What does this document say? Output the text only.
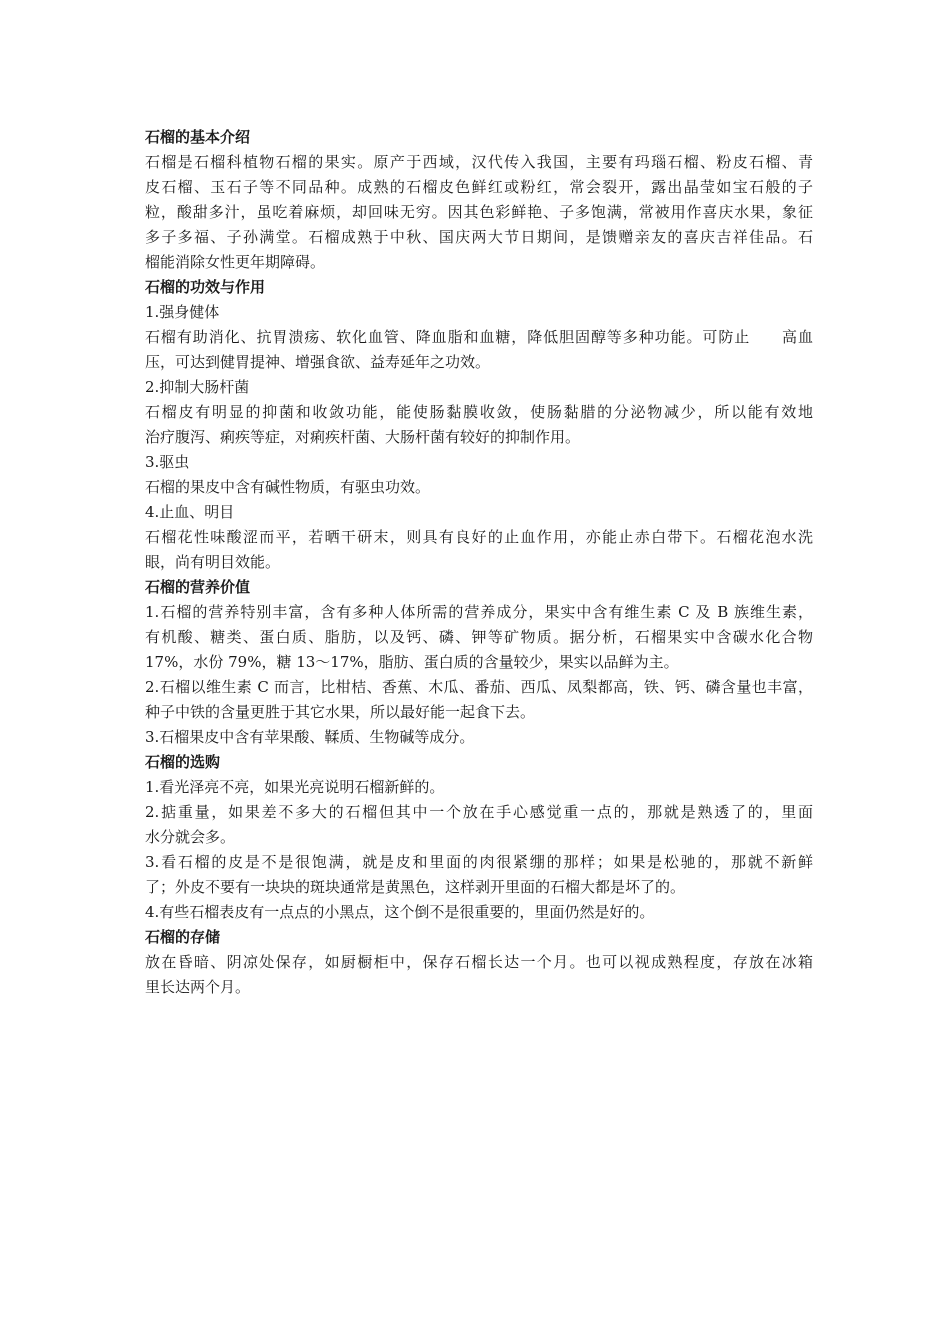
石榴的基本介绍
石榴是石榴科植物石榴的果实。原产于西域，汉代传入我国，主要有玛瑙石榴、粉皮石榴、青
皮石榴、玉石子等不同品种。成熟的石榴皮色鲜红或粉红，常会裂开，露出晶莹如宝石般的子
粒，酸甜多汁，虽吃着麻烦，却回味无穷。因其色彩鲜艳、子多饱满，常被用作喜庆水果，象征
多子多福、子孙满堂。石榴成熟于中秋、国庆两大节日期间，是馈赠亲友的喜庆吉祥佳品。石
榴能消除女性更年期障碍。
石榴的功效与作用
1.强身健体
石榴有助消化、抗胃溃疡、软化血管、降血脂和血糖，降低胆固醇等多种功能。可防止　　高血
压，可达到健胃提神、增强食欲、益寿延年之功效。
2.抑制大肠杆菌
石榴皮有明显的抑菌和收敛功能，能使肠黏膜收敛，使肠黏腊的分泌物减少，所以能有效地
治疗腹泻、痢疾等症，对痢疾杆菌、大肠杆菌有较好的抑制作用。
3.驱虫
石榴的果皮中含有碱性物质，有驱虫功效。
4.止血、明目
石榴花性味酸涩而平，若晒干研末，则具有良好的止血作用，亦能止赤白带下。石榴花泡水洗
眼，尚有明目效能。
石榴的营养价值
1.石榴的营养特别丰富，含有多种人体所需的营养成分，果实中含有维生素 C 及 B 族维生素，
有机酸、糖类、蛋白质、脂肪，以及钙、磷、钾等矿物质。据分析，石榴果实中含碳水化合物
17%，水份 79%，糖 13～17%，脂肪、蛋白质的含量较少，果实以品鲜为主。
2.石榴以维生素 C 而言，比柑桔、香蕉、木瓜、番茄、西瓜、凤梨都高，铁、钙、磷含量也丰富，
种子中铁的含量更胜于其它水果，所以最好能一起食下去。
3.石榴果皮中含有苹果酸、鞣质、生物碱等成分。
石榴的选购
1.看光泽亮不亮，如果光亮说明石榴新鲜的。
2.掂重量，如果差不多大的石榴但其中一个放在手心感觉重一点的，那就是熟透了的，里面
水分就会多。
3.看石榴的皮是不是很饱满，就是皮和里面的肉很紧绷的那样；如果是松驰的，那就不新鲜
了；外皮不要有一块块的斑块通常是黄黑色，这样剥开里面的石榴大都是坏了的。
4.有些石榴表皮有一点点的小黑点，这个倒不是很重要的，里面仍然是好的。
石榴的存储
放在昏暗、阴凉处保存，如厨橱柜中，保存石榴长达一个月。也可以视成熟程度，存放在冰箱
里长达两个月。
